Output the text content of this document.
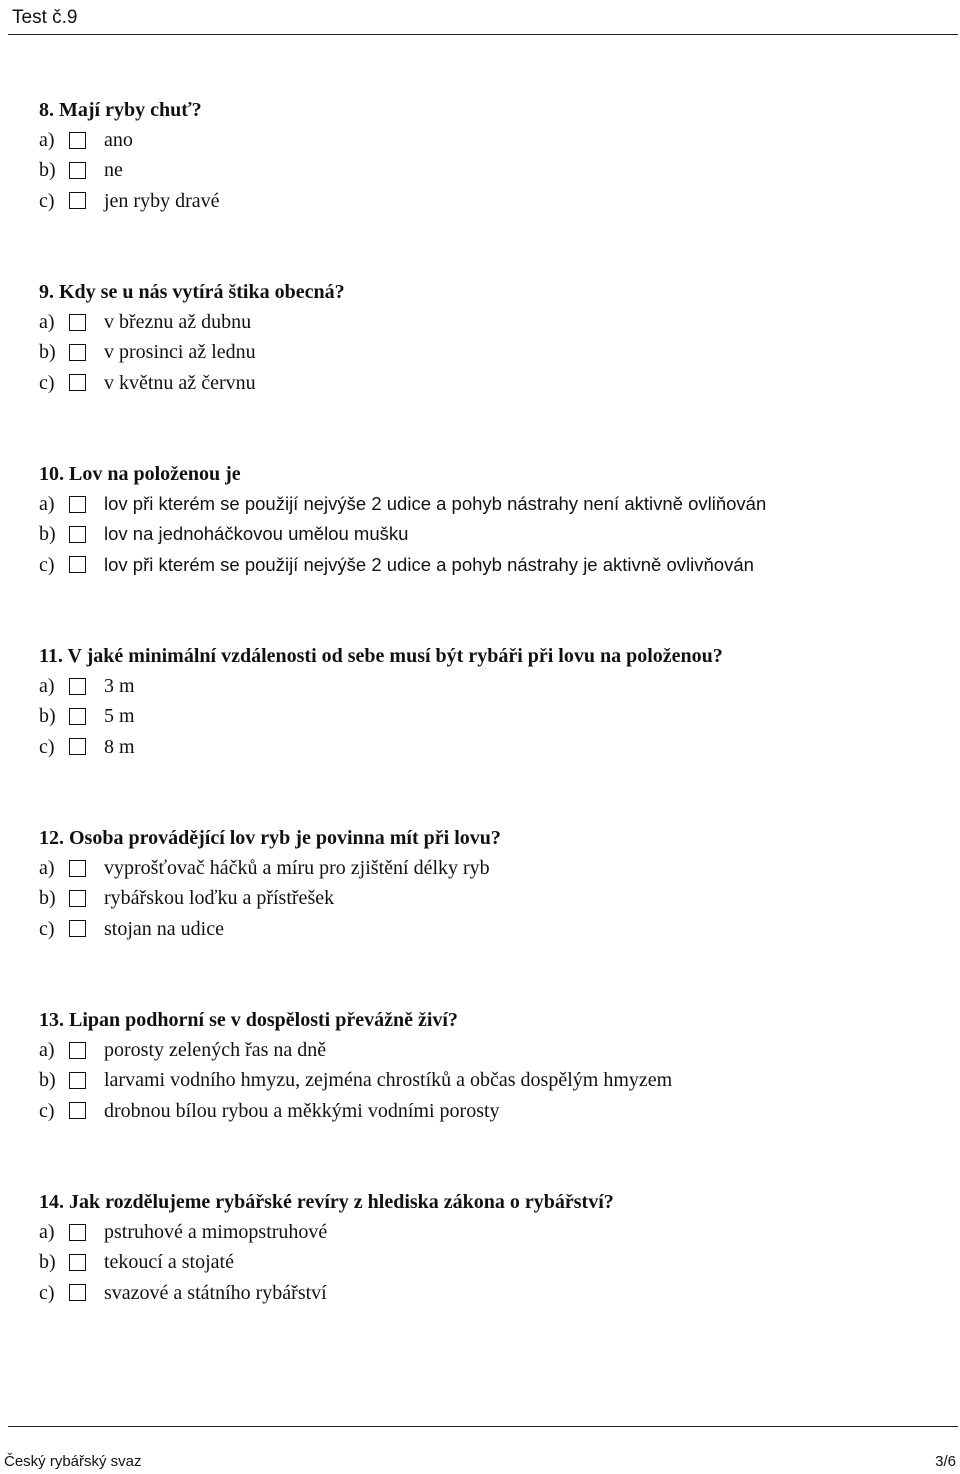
Test č.9
8. Mají ryby chuť?
a)	ano
b)	ne
c)	jen ryby dravé
9. Kdy se u nás vytírá štika obecná?
a)	v březnu až dubnu
b)	v prosinci až lednu
c)	v květnu až červnu
10. Lov na položenou je
a)	lov při kterém se použijí nejvýše 2 udice a pohyb nástrahy není aktivně ovliňován
b)	lov na jednoháčkovou umělou mušku
c)	lov při kterém se použijí nejvýše 2 udice a pohyb nástrahy je aktivně ovlivňován
11. V jaké minimální vzdálenosti od sebe musí být rybáři při lovu na položenou?
a)	3 m
b)	5 m
c)	8 m
12. Osoba provádějící lov ryb je povinna mít při lovu?
a)	vyprošťovač háčků a míru pro zjištění délky ryb
b)	rybářskou loďku a přístřešek
c)	stojan na udice
13. Lipan podhorní se v dospělosti převážně živí?
a)	porosty zelených řas na dně
b)	larvami vodního hmyzu, zejména chrostíků a občas dospělým hmyzem
c)	drobnou bílou rybou a měkkými vodními porosty
14. Jak rozdělujeme rybářské revíry z hlediska zákona o rybářství?
a)	pstruhové a mimopstruhové
b)	tekoucí a stojaté
c)	svazové a státního rybářství
Český rybářský svaz	3/6
